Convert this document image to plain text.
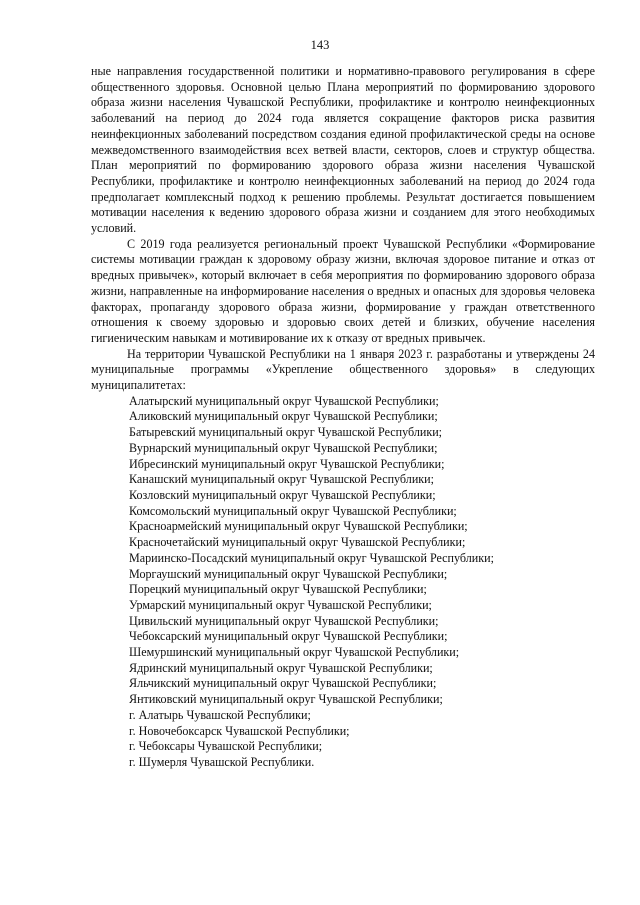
143

ные направления государственной политики и нормативно-правового регулирования в сфере общественного здоровья. Основной целью Плана мероприятий по формированию здорового образа жизни населения Чувашской Республики, профилактике и контролю неинфекционных заболеваний на период до 2024 года является сокращение факторов риска развития неинфекционных заболеваний посредством создания единой профилактической среды на основе межведомственного взаимодействия всех ветвей власти, секторов, слоев и структур общества. План мероприятий по формированию здорового образа жизни населения Чувашской Республики, профилактике и контролю неинфекционных заболеваний на период до 2024 года предполагает комплексный подход к решению проблемы. Результат достигается повышением мотивации населения к ведению здорового образа жизни и созданием для этого необходимых условий.

С 2019 года реализуется региональный проект Чувашской Республики «Формирование системы мотивации граждан к здоровому образу жизни, включая здоровое питание и отказ от вредных привычек», который включает в себя мероприятия по формированию здорового образа жизни, направленные на информирование населения о вредных и опасных для здоровья человека факторах, пропаганду здорового образа жизни, формирование у граждан ответственного отношения к своему здоровью и здоровью своих детей и близких, обучение населения гигиеническим навыкам и мотивирование их к отказу от вредных привычек.

На территории Чувашской Республики на 1 января 2023 г. разработаны и утверждены 24 муниципальные программы «Укрепление общественного здоровья» в следующих муниципалитетах:

Алатырский муниципальный округ Чувашской Республики;
Аликовский муниципальный округ Чувашской Республики;
Батыревский муниципальный округ Чувашской Республики;
Вурнарский муниципальный округ Чувашской Республики;
Ибресинский муниципальный округ Чувашской Республики;
Канашский муниципальный округ Чувашской Республики;
Козловский муниципальный округ Чувашской Республики;
Комсомольский муниципальный округ Чувашской Республики;
Красноармейский муниципальный округ Чувашской Республики;
Красночетайский муниципальный округ Чувашской Республики;
Мариинско-Посадский муниципальный округ Чувашской Республики;
Моргаушский муниципальный округ Чувашской Республики;
Порецкий муниципальный округ Чувашской Республики;
Урмарский муниципальный округ Чувашской Республики;
Цивильский муниципальный округ Чувашской Республики;
Чебоксарский муниципальный округ Чувашской Республики;
Шемуршинский муниципальный округ Чувашской Республики;
Ядринский муниципальный округ Чувашской Республики;
Яльчикский муниципальный округ Чувашской Республики;
Янтиковский муниципальный округ Чувашской Республики;
г. Алатырь Чувашской Республики;
г. Новочебоксарск Чувашской Республики;
г. Чебоксары Чувашской Республики;
г. Шумерля Чувашской Республики.
